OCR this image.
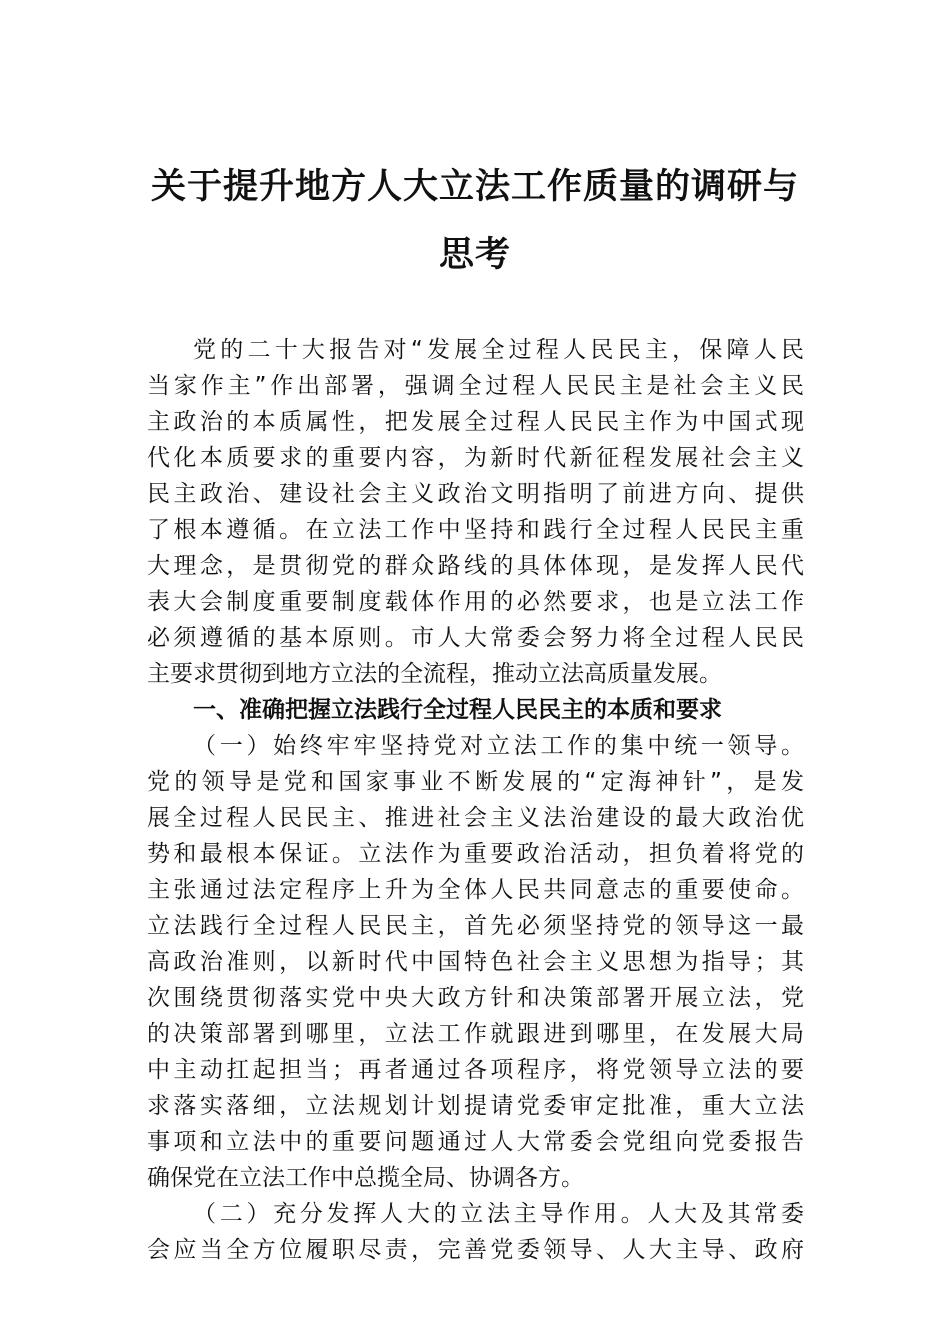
关于提升地方人大立法工作质量的调研与
思考
党的二十大报告对“发展全过程人民民主，保障人民
当家作主”作出部署，强调全过程人民民主是社会主义民
主政治的本质属性，把发展全过程人民民主作为中国式现
代化本质要求的重要内容，为新时代新征程发展社会主义
民主政治、建设社会主义政治文明指明了前进方向、提供
了根本遵循。在立法工作中坚持和践行全过程人民民主重
大理念，是贯彻党的群众路线的具体体现，是发挥人民代
表大会制度重要制度载体作用的必然要求，也是立法工作
必须遵循的基本原则。市人大常委会努力将全过程人民民
主要求贯彻到地方立法的全流程，推动立法高质量发展。
一、准确把握立法践行全过程人民民主的本质和要求
（一）始终牢牢坚持党对立法工作的集中统一领导。
党的领导是党和国家事业不断发展的“定海神针”，是发
展全过程人民民主、推进社会主义法治建设的最大政治优
势和最根本保证。立法作为重要政治活动，担负着将党的
主张通过法定程序上升为全体人民共同意志的重要使命。
立法践行全过程人民民主，首先必须坚持党的领导这一最
高政治准则，以新时代中国特色社会主义思想为指导；其
次围绕贯彻落实党中央大政方针和决策部署开展立法，党
的决策部署到哪里，立法工作就跟进到哪里，在发展大局
中主动扛起担当；再者通过各项程序，将党领导立法的要
求落实落细，立法规划计划提请党委审定批准，重大立法
事项和立法中的重要问题通过人大常委会党组向党委报告
确保党在立法工作中总揽全局、协调各方。
（二）充分发挥人大的立法主导作用。人大及其常委
会应当全方位履职尽责，完善党委领导、人大主导、政府
